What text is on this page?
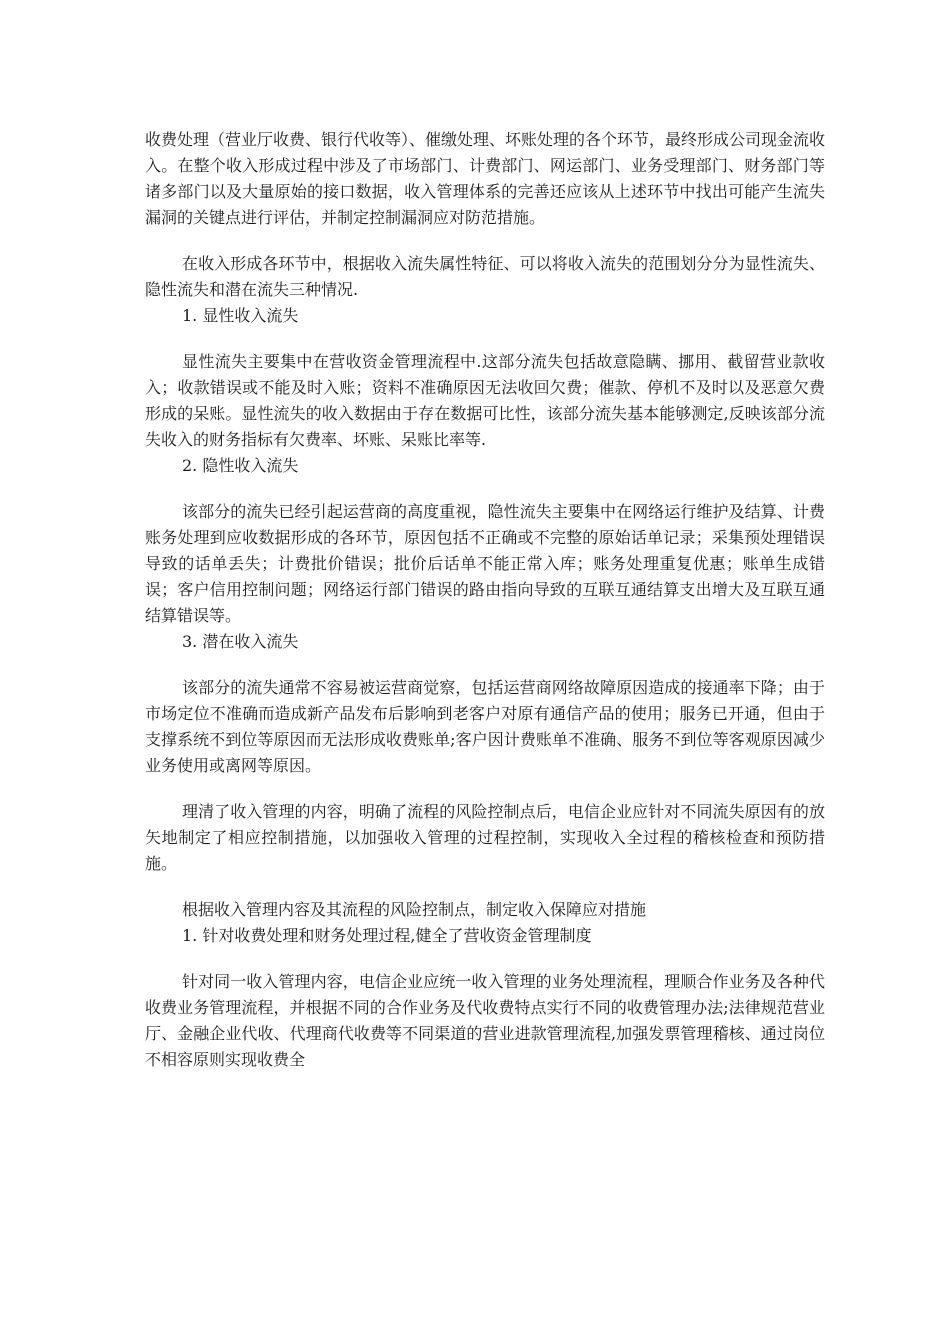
收费处理（营业厅收费、银行代收等）、催缴处理、坏账处理的各个环节，最终形成公司现金流收入。在整个收入形成过程中涉及了市场部门、计费部门、网运部门、业务受理部门、财务部门等诸多部门以及大量原始的接口数据，收入管理体系的完善还应该从上述环节中找出可能产生流失漏洞的关键点进行评估，并制定控制漏洞应对防范措施。

在收入形成各环节中，根据收入流失属性特征、可以将收入流失的范围划分分为显性流失、隐性流失和潜在流失三种情况.

1. 显性收入流失

显性流失主要集中在营收资金管理流程中.这部分流失包括故意隐瞒、挪用、截留营业款收入；收款错误或不能及时入账；资料不准确原因无法收回欠费；催款、停机不及时以及恶意欠费形成的呆账。显性流失的收入数据由于存在数据可比性，该部分流失基本能够测定,反映该部分流失收入的财务指标有欠费率、坏账、呆账比率等.

2. 隐性收入流失

该部分的流失已经引起运营商的高度重视，隐性流失主要集中在网络运行维护及结算、计费账务处理到应收数据形成的各环节，原因包括不正确或不完整的原始话单记录；采集预处理错误导致的话单丢失；计费批价错误；批价后话单不能正常入库；账务处理重复优惠；账单生成错误；客户信用控制问题；网络运行部门错误的路由指向导致的互联互通结算支出增大及互联互通结算错误等。

3. 潜在收入流失

该部分的流失通常不容易被运营商觉察，包括运营商网络故障原因造成的接通率下降；由于市场定位不准确而造成新产品发布后影响到老客户对原有通信产品的使用；服务已开通，但由于支撑系统不到位等原因而无法形成收费账单;客户因计费账单不准确、服务不到位等客观原因减少业务使用或离网等原因。

理清了收入管理的内容，明确了流程的风险控制点后，电信企业应针对不同流失原因有的放矢地制定了相应控制措施，以加强收入管理的过程控制，实现收入全过程的稽核检查和预防措施。

根据收入管理内容及其流程的风险控制点，制定收入保障应对措施

1. 针对收费处理和财务处理过程,健全了营收资金管理制度

针对同一收入管理内容，电信企业应统一收入管理的业务处理流程，理顺合作业务及各种代收费业务管理流程，并根据不同的合作业务及代收费特点实行不同的收费管理办法;法律规范营业厅、金融企业代收、代理商代收费等不同渠道的营业进款管理流程,加强发票管理稽核、通过岗位不相容原则实现收费全
